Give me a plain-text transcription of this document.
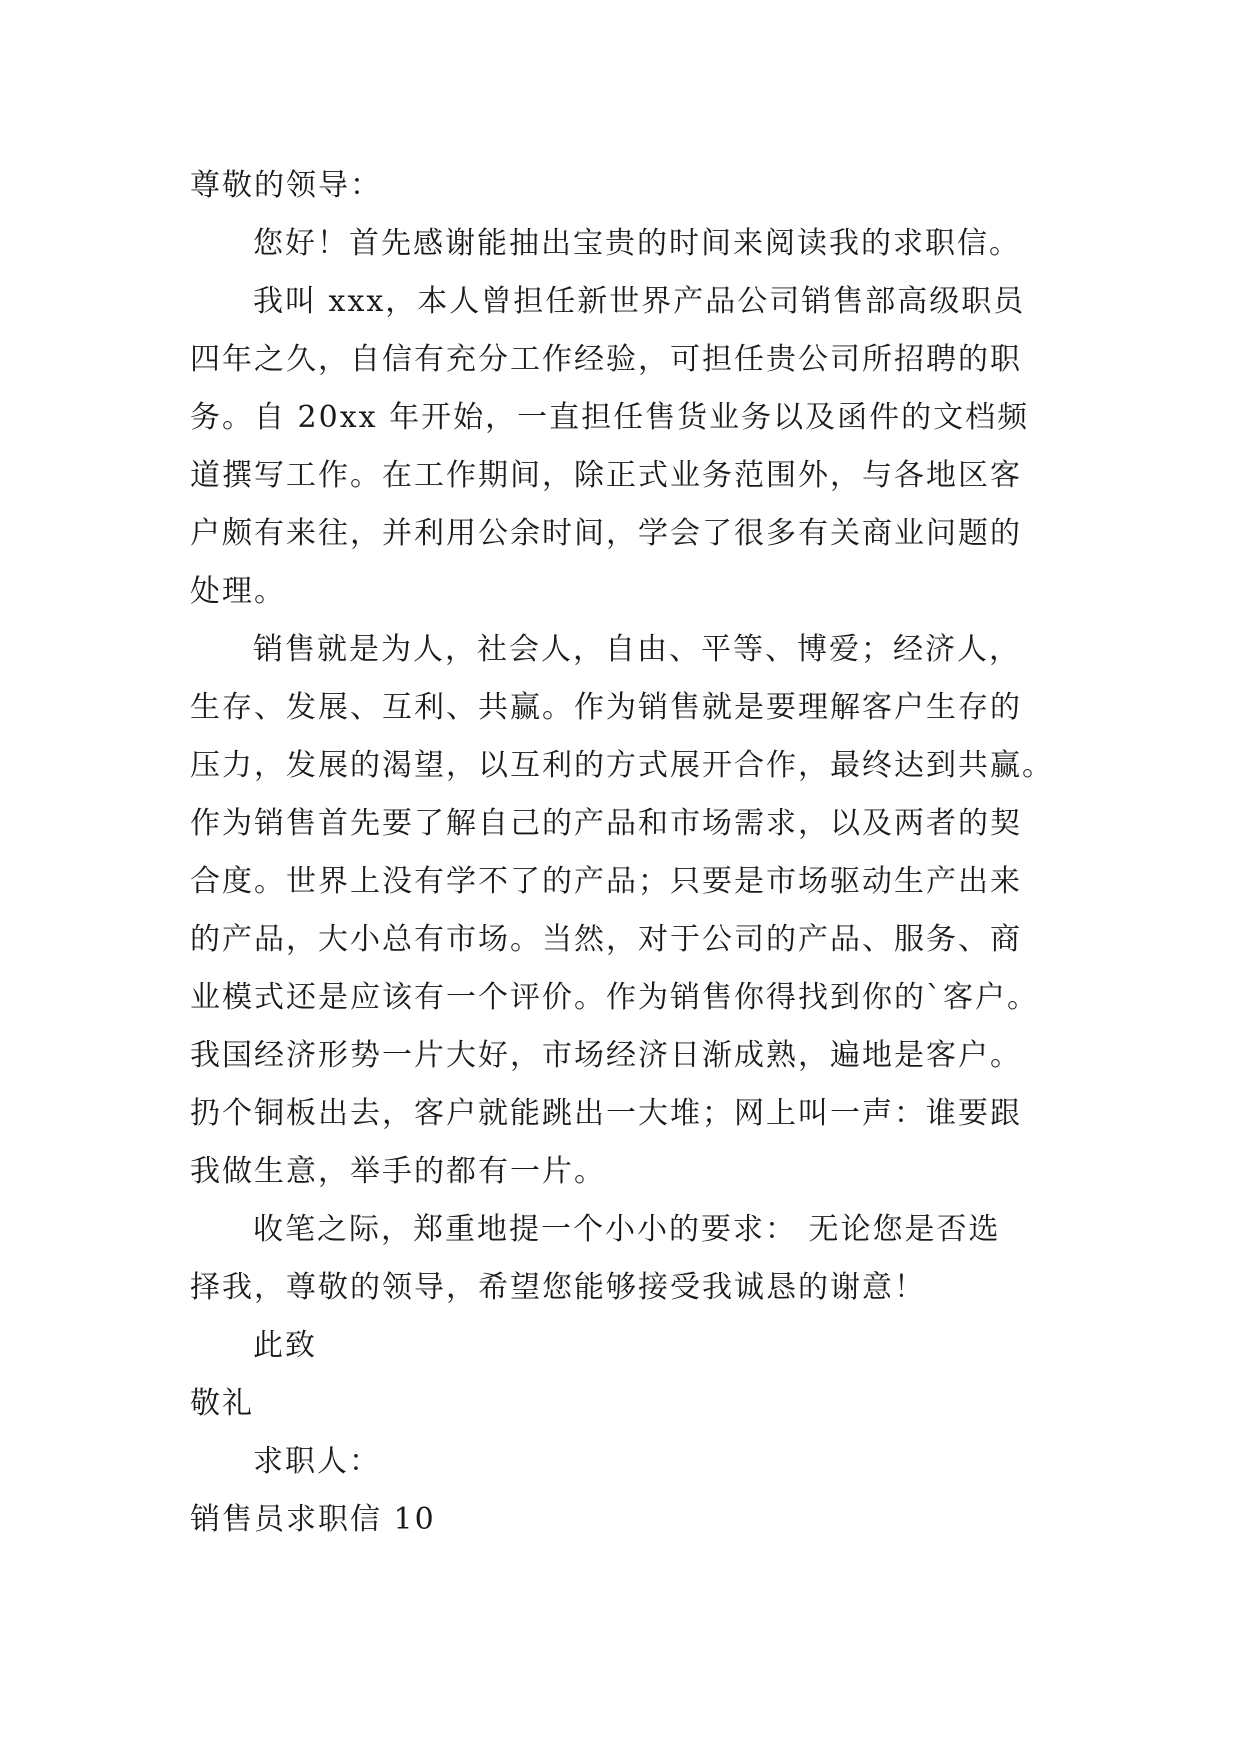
尊敬的领导：
您好！首先感谢能抽出宝贵的时间来阅读我的求职信。
我叫 xxx，本人曾担任新世界产品公司销售部高级职员
四年之久，自信有充分工作经验，可担任贵公司所招聘的职
务。自 20xx 年开始，一直担任售货业务以及函件的文档频
道撰写工作。在工作期间，除正式业务范围外，与各地区客
户颇有来往，并利用公余时间，学会了很多有关商业问题的
处理。
销售就是为人，社会人，自由、平等、博爱；经济人，
生存、发展、互利、共赢。作为销售就是要理解客户生存的
压力，发展的渴望，以互利的方式展开合作，最终达到共赢。
作为销售首先要了解自己的产品和市场需求，以及两者的契
合度。世界上没有学不了的产品；只要是市场驱动生产出来
的产品，大小总有市场。当然，对于公司的产品、服务、商
业模式还是应该有一个评价。作为销售你得找到你的`客户。
我国经济形势一片大好，市场经济日渐成熟，遍地是客户。
扔个铜板出去，客户就能跳出一大堆；网上叫一声：谁要跟
我做生意，举手的都有一片。
收笔之际，郑重地提一个小小的要求： 无论您是否选
择我，尊敬的领导，希望您能够接受我诚恳的谢意！
此致
敬礼
求职人：
销售员求职信 10
